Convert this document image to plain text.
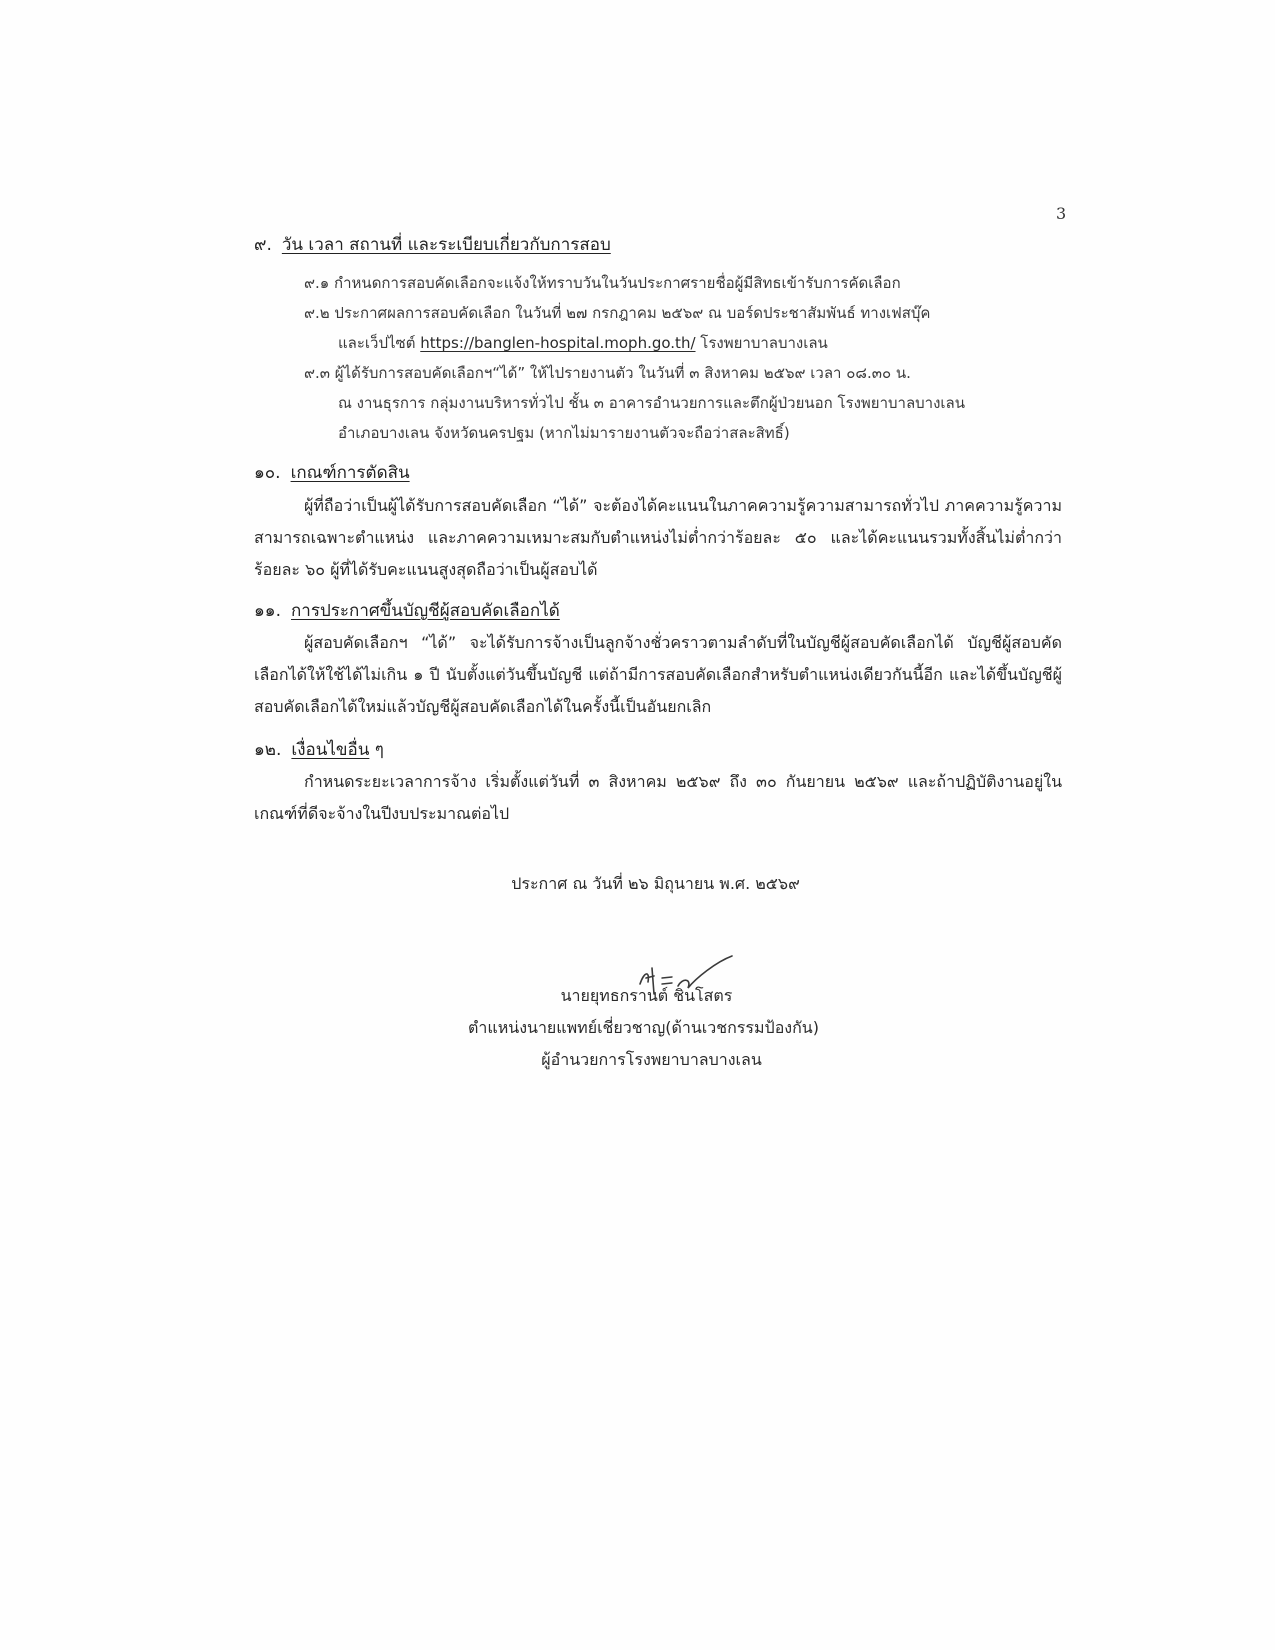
3
๙. วัน เวลา สถานที่ และระเบียบเกี่ยวกับการสอบ
๙.๑ กำหนดการสอบคัดเลือกจะแจ้งให้ทราบวันในวันประกาศรายชื่อผู้มีสิทธเข้ารับการคัดเลือก
๙.๒ ประกาศผลการสอบคัดเลือก ในวันที่ ๒๗ กรกฎาคม ๒๕๖๙ ณ บอร์ดประชาสัมพันธ์ ทางเฟสบุ๊ค
และเว็ปไซต์ https://banglen-hospital.moph.go.th/ โรงพยาบาลบางเลน
๙.๓ ผู้ได้รับการสอบคัดเลือกฯ“ได้” ให้ไปรายงานตัว ในวันที่ ๓ สิงหาคม ๒๕๖๙ เวลา ๐๘.๓๐ น.
ณ งานธุรการ กลุ่มงานบริหารทั่วไป ชั้น ๓ อาคารอำนวยการและตึกผู้ป่วยนอก โรงพยาบาลบางเลน
อำเภอบางเลน จังหวัดนครปฐม (หากไม่มารายงานตัวจะถือว่าสละสิทธิ์)
๑๐. เกณฑ์การตัดสิน
ผู้ที่ถือว่าเป็นผู้ได้รับการสอบคัดเลือก “ได้” จะต้องได้คะแนนในภาคความรู้ความสามารถทั่วไป ภาคความรู้ความสามารถเฉพาะตำแหน่ง และภาคความเหมาะสมกับตำแหน่งไม่ต่ำกว่าร้อยละ ๕๐ และได้คะแนนรวมทั้งสิ้นไม่ต่ำกว่าร้อยละ ๖๐ ผู้ที่ได้รับคะแนนสูงสุดถือว่าเป็นผู้สอบได้
๑๑. การประกาศขึ้นบัญชีผู้สอบคัดเลือกได้
ผู้สอบคัดเลือกฯ “ได้” จะได้รับการจ้างเป็นลูกจ้างชั่วคราวตามลำดับที่ในบัญชีผู้สอบคัดเลือกได้ บัญชีผู้สอบคัดเลือกได้ให้ใช้ได้ไม่เกิน ๑ ปี นับตั้งแต่วันขึ้นบัญชี แต่ถ้ามีการสอบคัดเลือกสำหรับตำแหน่งเดียวกันนี้อีก และได้ขึ้นบัญชีผู้สอบคัดเลือกได้ใหม่แล้วบัญชีผู้สอบคัดเลือกได้ในครั้งนี้เป็นอันยกเลิก
๑๒. เงื่อนไขอื่น ๆ
กำหนดระยะเวลาการจ้าง เริ่มตั้งแต่วันที่ ๓ สิงหาคม ๒๕๖๙ ถึง ๓๐ กันยายน ๒๕๖๙ และถ้าปฏิบัติงานอยู่ในเกณฑ์ที่ดีจะจ้างในปีงบประมาณต่อไป
ประกาศ ณ วันที่ ๒๖ มิถุนายน พ.ศ. ๒๕๖๙
นายยุทธกรานต์ ชินโสตร
ตำแหน่งนายแพทย์เชี่ยวชาญ(ด้านเวชกรรมป้องกัน)
ผู้อำนวยการโรงพยาบาลบางเลน
